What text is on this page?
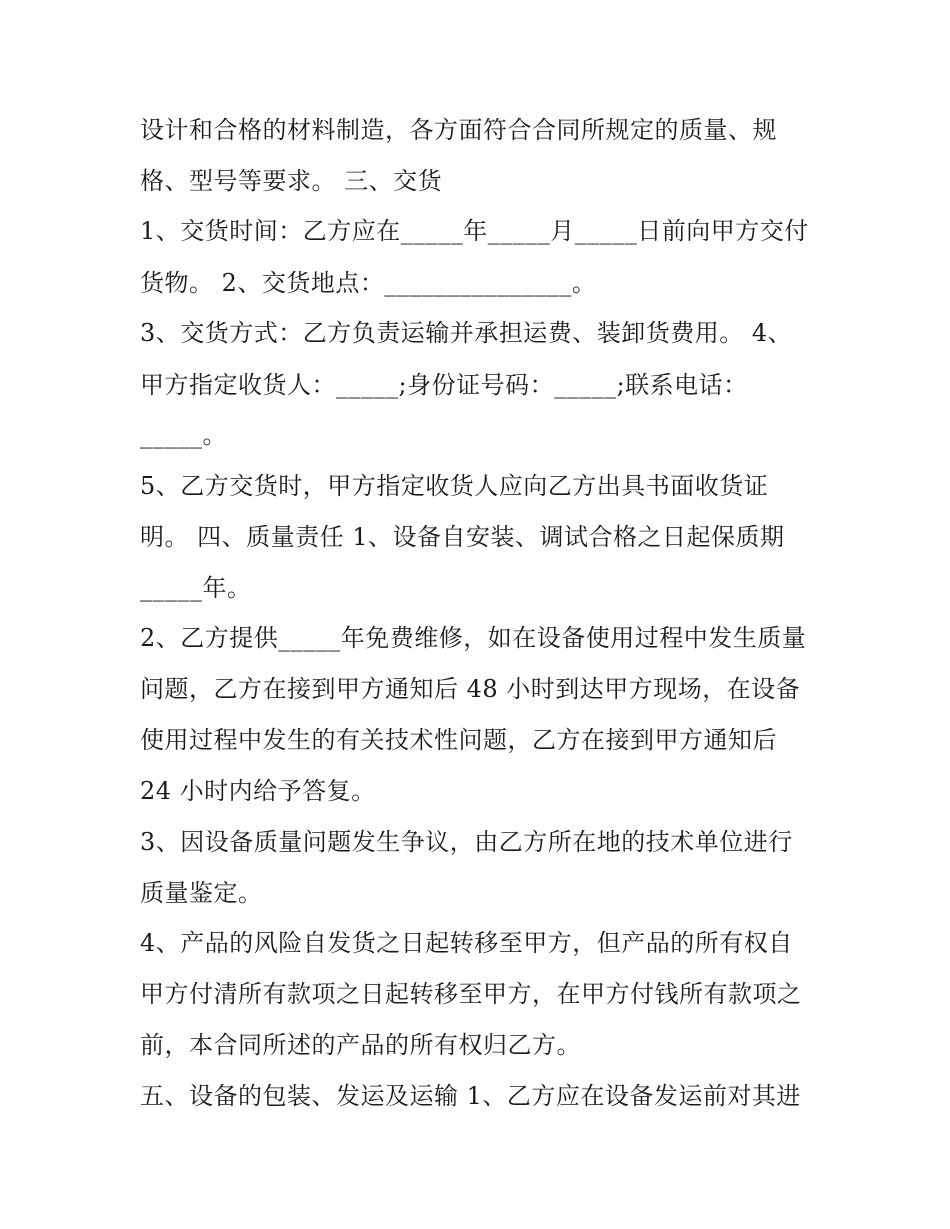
设计和合格的材料制造，各方面符合合同所规定的质量、规
格、型号等要求。 三、交货
1、交货时间：乙方应在_____年_____月_____日前向甲方交付
货物。 2、交货地点：_______________。
3、交货方式：乙方负责运输并承担运费、装卸货费用。 4、
甲方指定收货人：_____;身份证号码：_____;联系电话：
_____。
5、乙方交货时，甲方指定收货人应向乙方出具书面收货证
明。 四、质量责任 1、设备自安装、调试合格之日起保质期
_____年。
2、乙方提供_____年免费维修，如在设备使用过程中发生质量
问题，乙方在接到甲方通知后 48 小时到达甲方现场，在设备
使用过程中发生的有关技术性问题，乙方在接到甲方通知后
24 小时内给予答复。
3、因设备质量问题发生争议，由乙方所在地的技术单位进行
质量鉴定。
4、产品的风险自发货之日起转移至甲方，但产品的所有权自
甲方付清所有款项之日起转移至甲方，在甲方付钱所有款项之
前，本合同所述的产品的所有权归乙方。
五、设备的包装、发运及运输 1、乙方应在设备发运前对其进
